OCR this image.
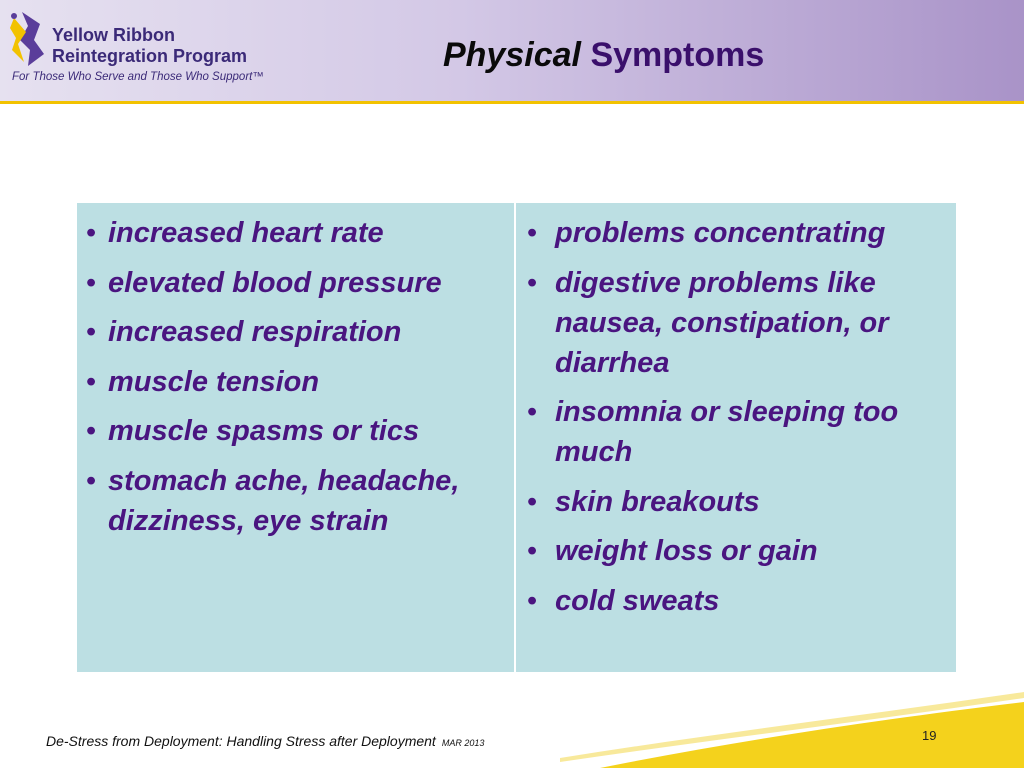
Yellow Ribbon
Reintegration Program
For Those Who Serve and Those Who Support™
Physical Symptoms
• increased heart rate
• elevated blood pressure
• increased respiration
• muscle tension
• muscle spasms or tics
• stomach ache, headache, dizziness, eye strain
• problems concentrating
• digestive problems like nausea, constipation, or diarrhea
• insomnia or sleeping too much
• skin breakouts
• weight loss or gain
• cold sweats
19
De-Stress from Deployment: Handling Stress after Deployment MAR 2013
